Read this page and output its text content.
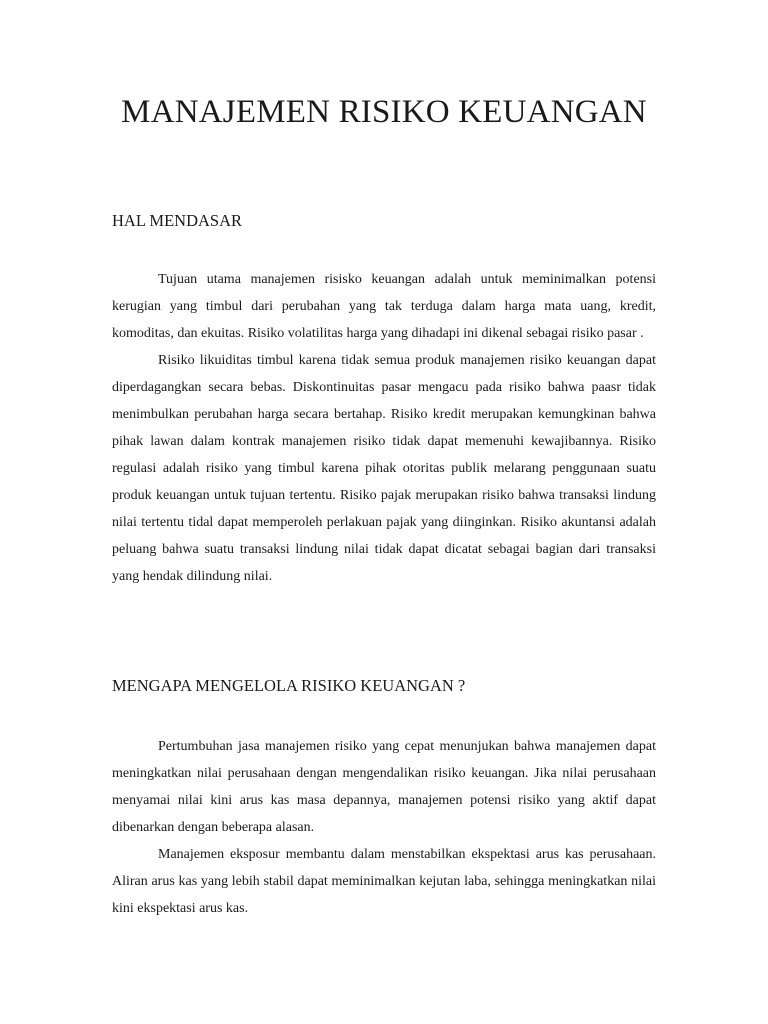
MANAJEMEN RISIKO KEUANGAN
HAL MENDASAR

Tujuan utama manajemen risisko keuangan adalah untuk meminimalkan potensi kerugian yang timbul dari perubahan yang tak terduga dalam harga mata uang, kredit, komoditas, dan ekuitas. Risiko volatilitas harga yang dihadapi ini dikenal sebagai risiko pasar .

Risiko likuiditas timbul karena tidak semua produk manajemen risiko keuangan dapat diperdagangkan secara bebas. Diskontinuitas pasar mengacu pada risiko bahwa paasr tidak menimbulkan perubahan harga secara bertahap. Risiko kredit merupakan kemungkinan bahwa pihak lawan dalam kontrak manajemen risiko tidak dapat memenuhi kewajibannya. Risiko regulasi adalah risiko yang timbul karena pihak otoritas publik melarang penggunaan suatu produk keuangan untuk tujuan tertentu. Risiko pajak merupakan risiko bahwa transaksi lindung nilai tertentu tidal dapat memperoleh perlakuan pajak yang diinginkan. Risiko akuntansi adalah peluang bahwa suatu transaksi lindung nilai tidak dapat dicatat sebagai bagian dari transaksi yang hendak dilindung nilai.

MENGAPA MENGELOLA RISIKO KEUANGAN ?

Pertumbuhan jasa manajemen risiko yang cepat menunjukan bahwa manajemen dapat meningkatkan nilai perusahaan dengan mengendalikan risiko keuangan. Jika nilai perusahaan menyamai nilai kini arus kas masa depannya, manajemen potensi risiko yang aktif dapat dibenarkan dengan beberapa alasan.

Manajemen eksposur membantu dalam menstabilkan ekspektasi arus kas perusahaan. Aliran arus kas yang lebih stabil dapat meminimalkan kejutan laba, sehingga meningkatkan nilai kini ekspektasi arus kas.
